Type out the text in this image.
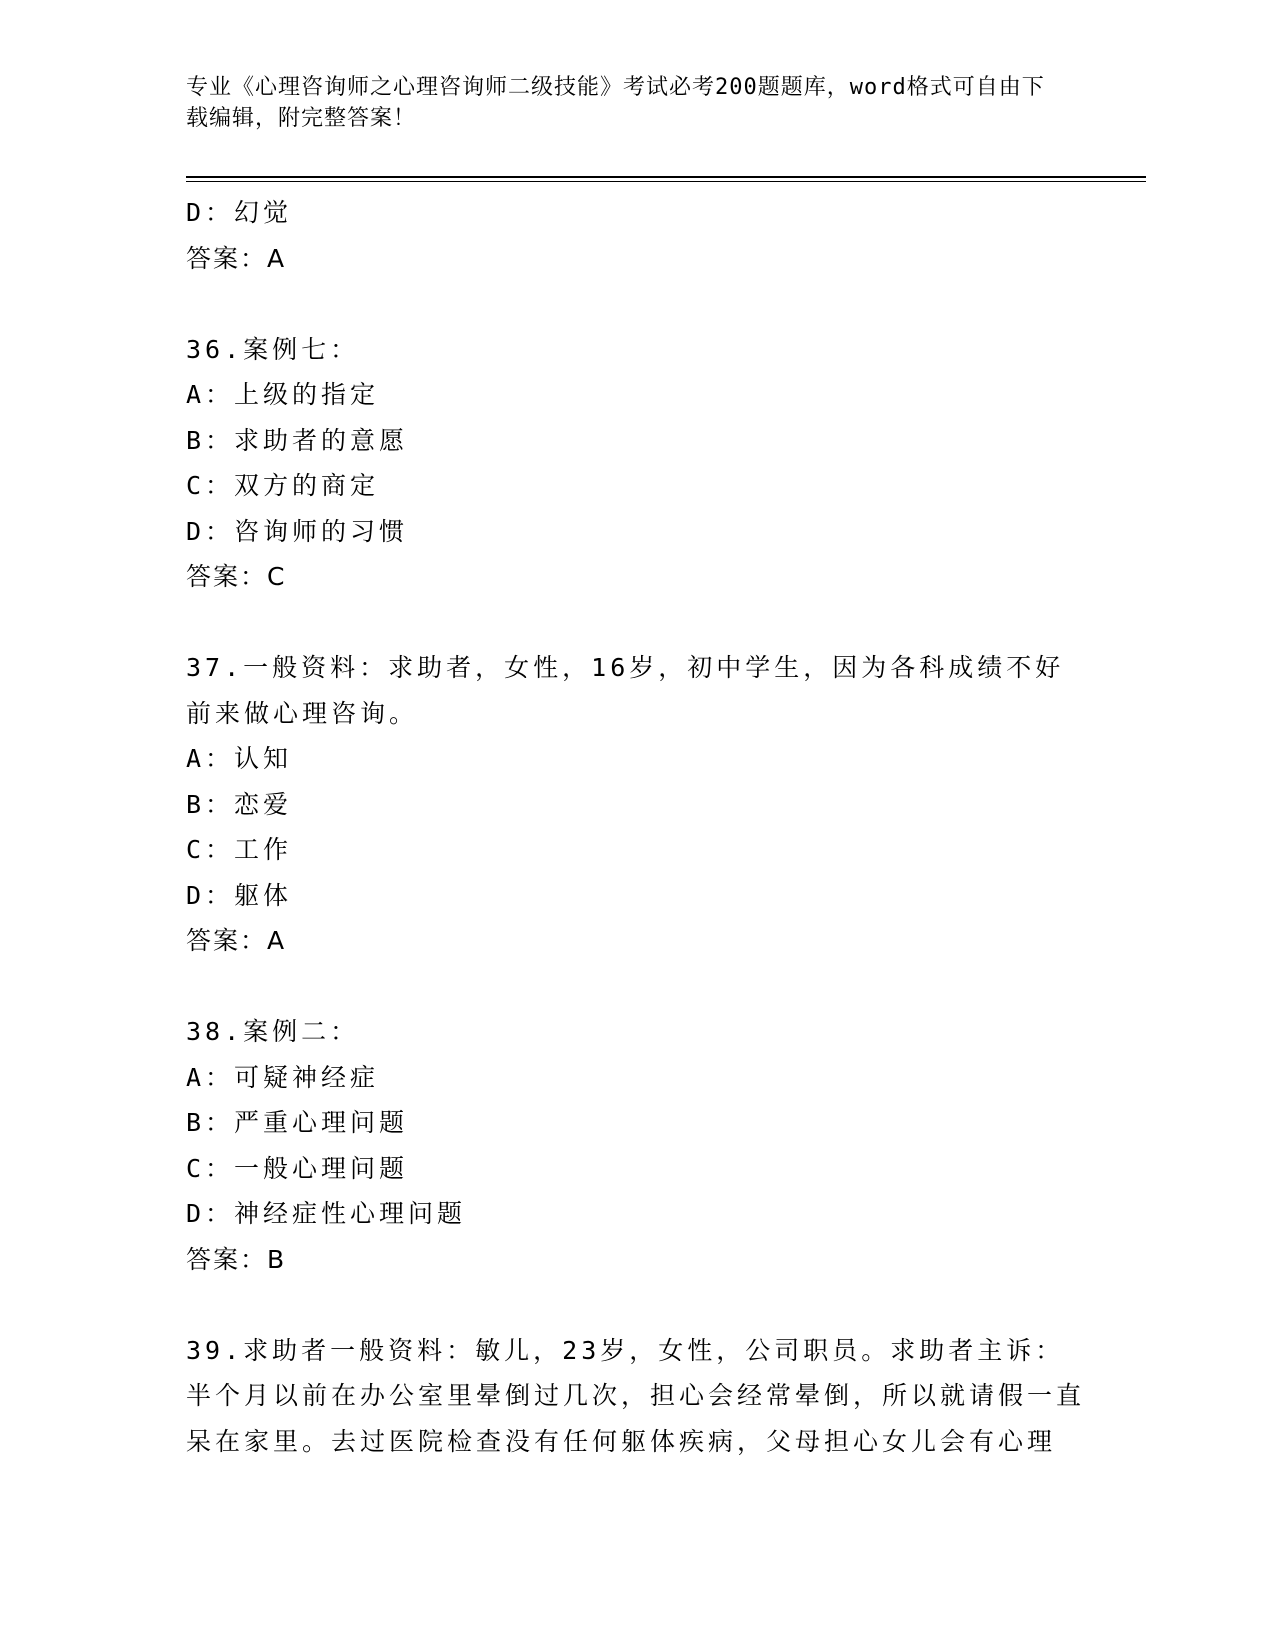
专业《心理咨询师之心理咨询师二级技能》考试必考200题题库，word格式可自由下载编辑，附完整答案！
D：幻觉
答案：A
36.案例七：
A：上级的指定
B：求助者的意愿
C：双方的商定
D：咨询师的习惯
答案：C
37.一般资料：求助者，女性，16岁，初中学生，因为各科成绩不好前来做心理咨询。
A：认知
B：恋爱
C：工作
D：躯体
答案：A
38.案例二：
A：可疑神经症
B：严重心理问题
C：一般心理问题
D：神经症性心理问题
答案：B
39.求助者一般资料：敏儿，23岁，女性，公司职员。求助者主诉：半个月以前在办公室里晕倒过几次，担心会经常晕倒，所以就请假一直呆在家里。去过医院检查没有任何躯体疾病，父母担心女儿会有心理
